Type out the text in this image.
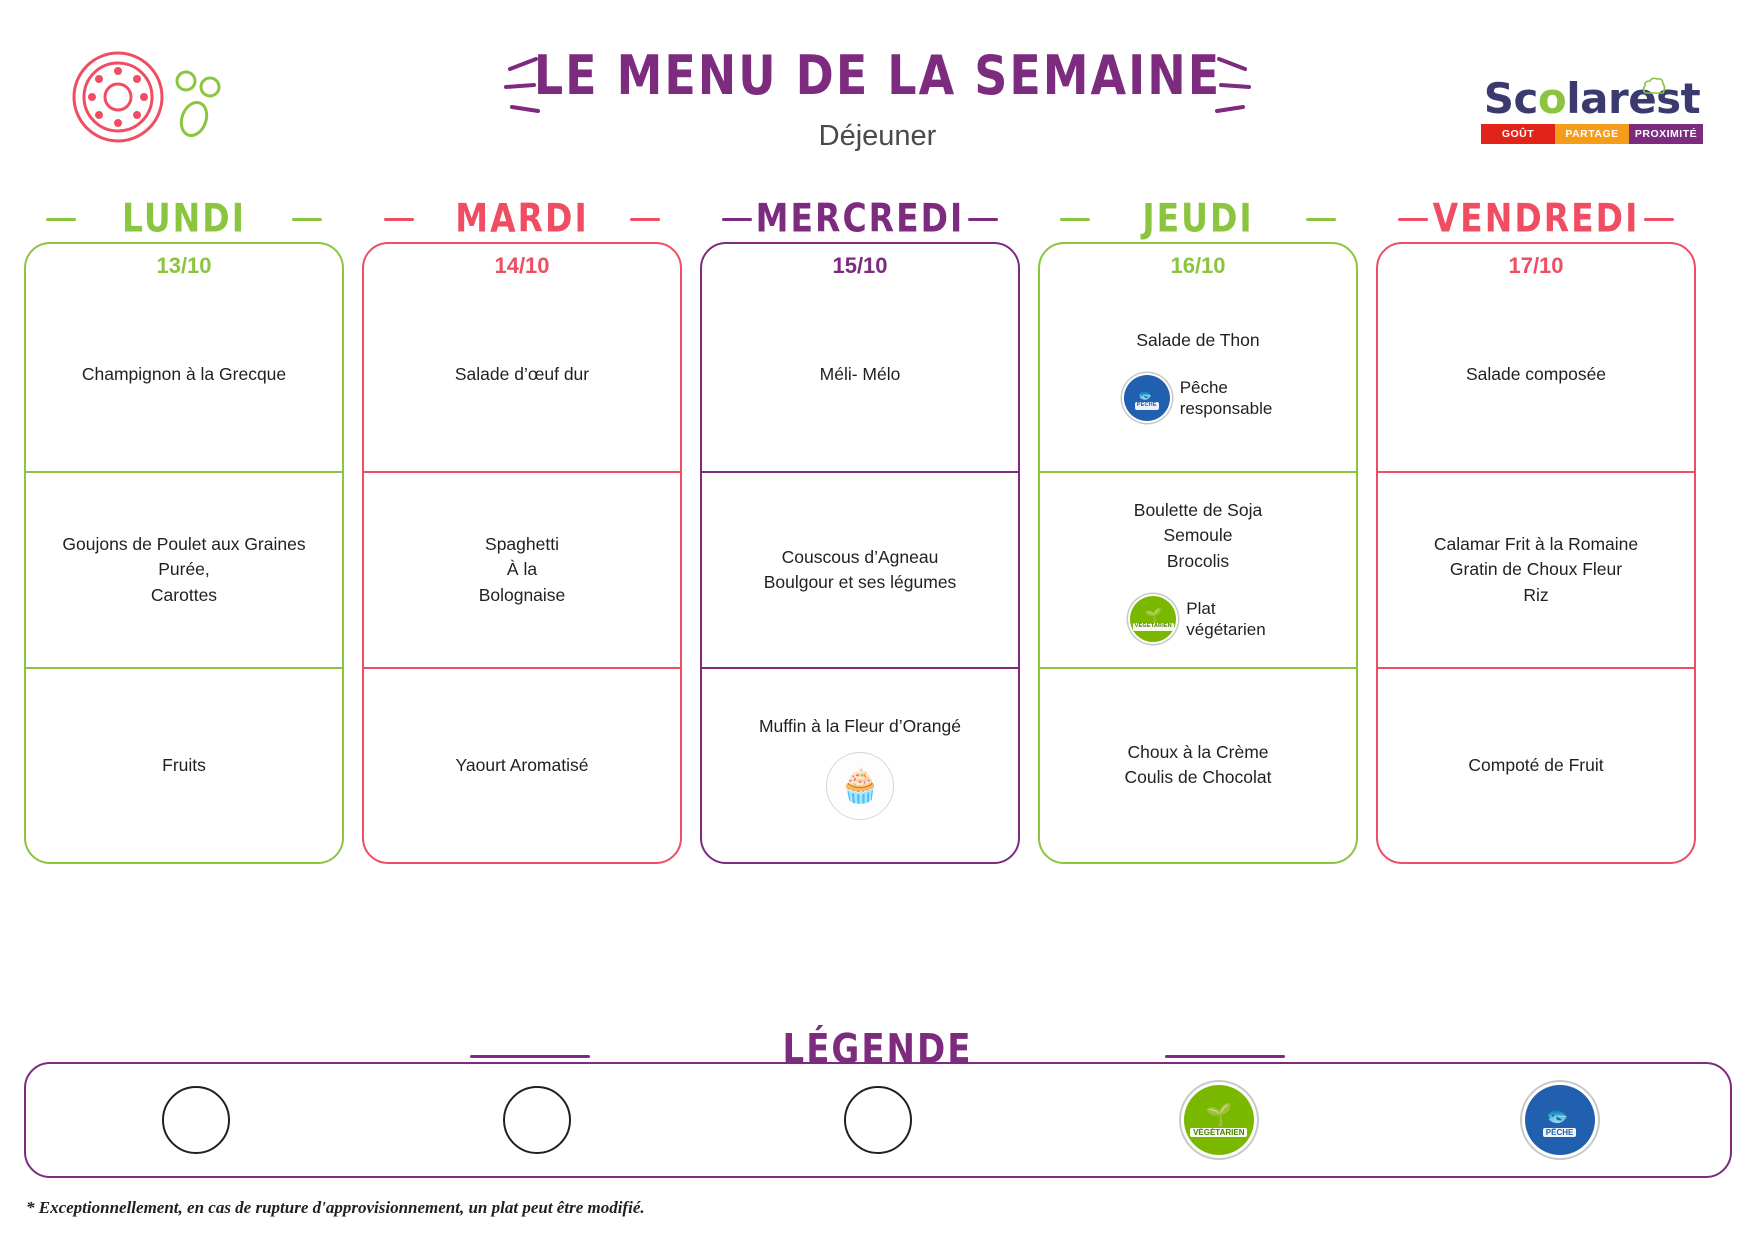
LE MENU DE LA SEMAINE
Déjeuner
Scolarest
GOÛT	PARTAGE	PROXIMITÉ
LUNDI
13/10
Champignon à la Grecque
Goujons de Poulet aux Graines
Purée,
Carottes
Fruits
MARDI
14/10
Salade d’œuf dur
Spaghetti
À la
Bolognaise
Yaourt Aromatisé
MERCREDI
15/10
Méli- Mélo
Couscous d’Agneau
Boulgour et ses légumes
Muffin à la Fleur d’Orangé
🧁
JEUDI
16/10
Salade de Thon
🐟
PÊCHE
Pêche
responsable
Boulette de Soja
Semoule
Brocolis
🌱
VÉGÉTARIEN
Plat
végétarien
Choux à la Crème
Coulis de Chocolat
VENDREDI
17/10
Salade composée
Calamar Frit à la Romaine
Gratin de Choux Fleur
Riz
Compoté de Fruit
LÉGENDE
🌱
VÉGÉTARIEN
🐟
PÊCHE
* Exceptionnellement, en cas de rupture d'approvisionnement, un plat peut être modifié.
